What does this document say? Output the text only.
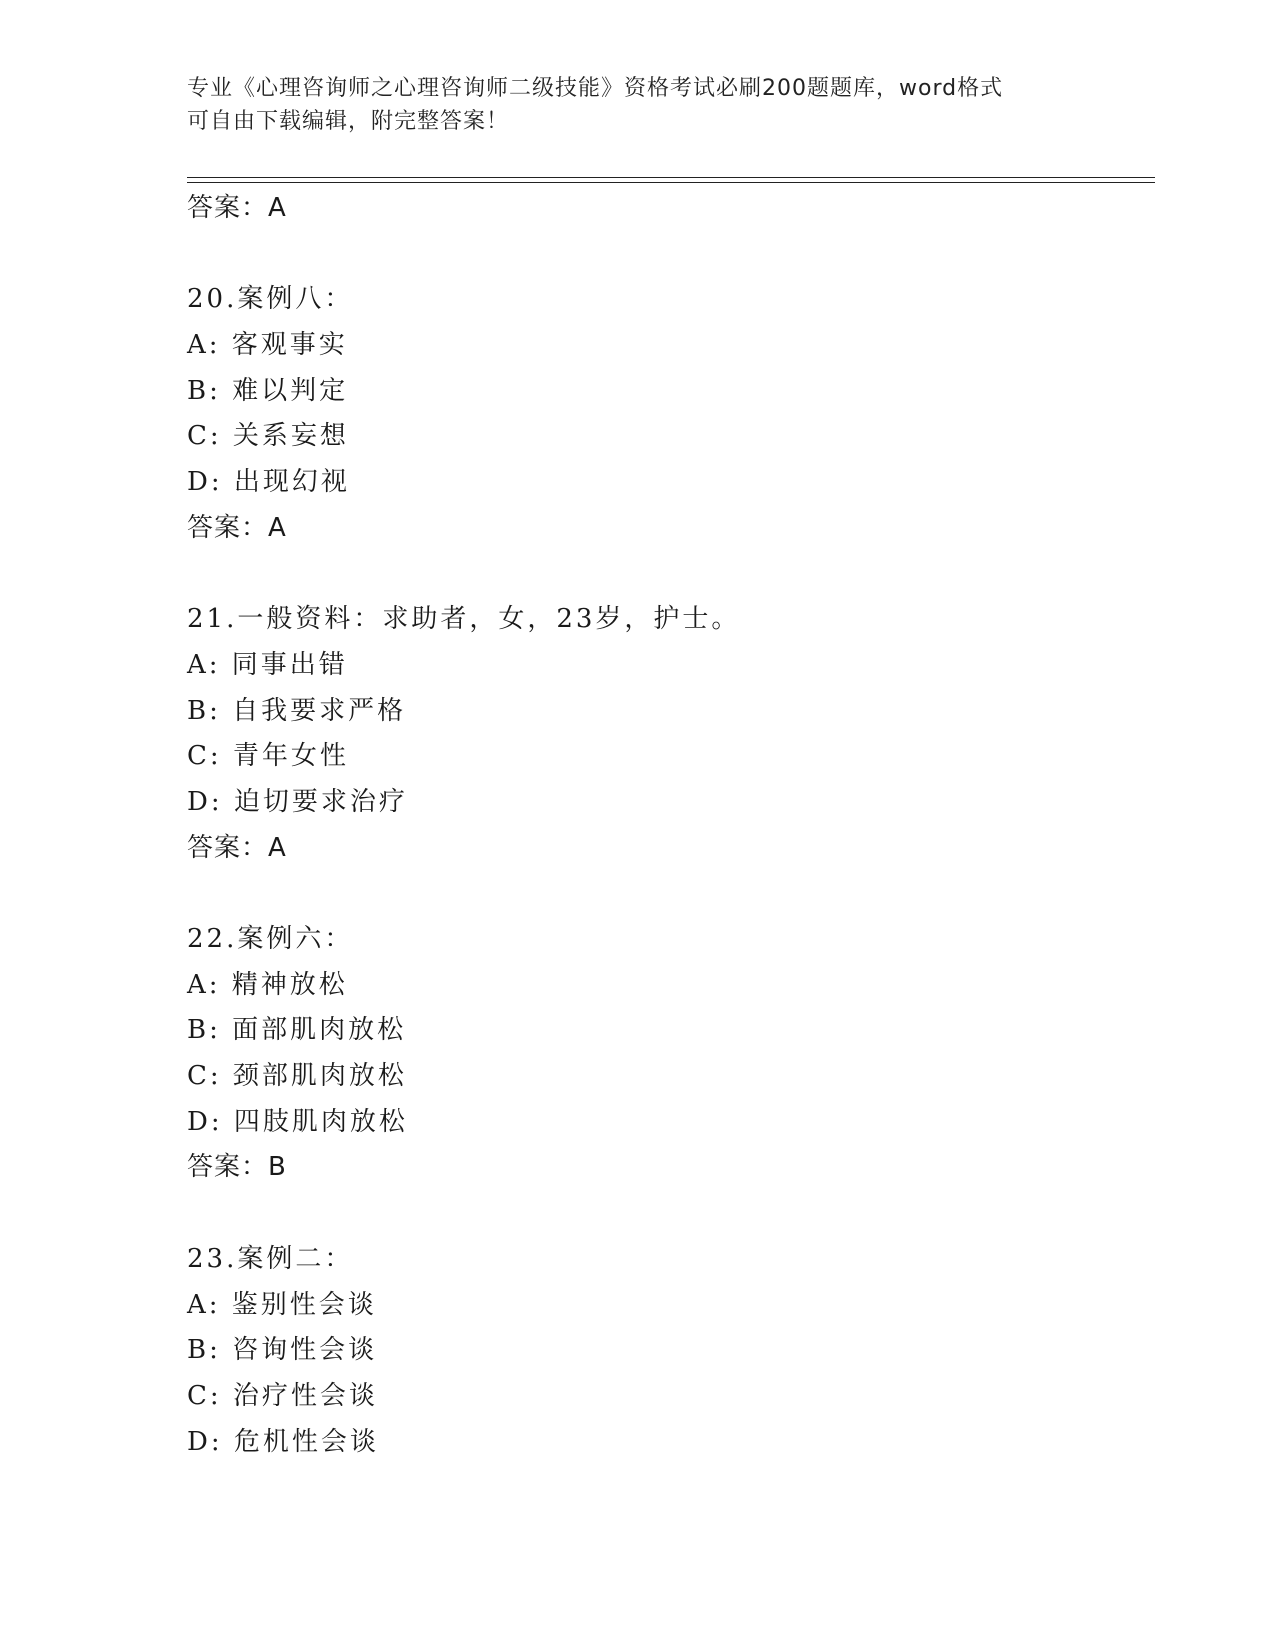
专业《心理咨询师之心理咨询师二级技能》资格考试必刷200题题库，word格式
可自由下载编辑，附完整答案！
答案：A
20.案例八：
A: 客观事实
B: 难以判定
C: 关系妄想
D: 出现幻视
答案：A
21.一般资料：求助者，女，23岁，护士。
A: 同事出错
B: 自我要求严格
C: 青年女性
D: 迫切要求治疗
答案：A
22.案例六：
A: 精神放松
B: 面部肌肉放松
C: 颈部肌肉放松
D: 四肢肌肉放松
答案：B
23.案例二：
A: 鉴别性会谈
B: 咨询性会谈
C: 治疗性会谈
D: 危机性会谈
